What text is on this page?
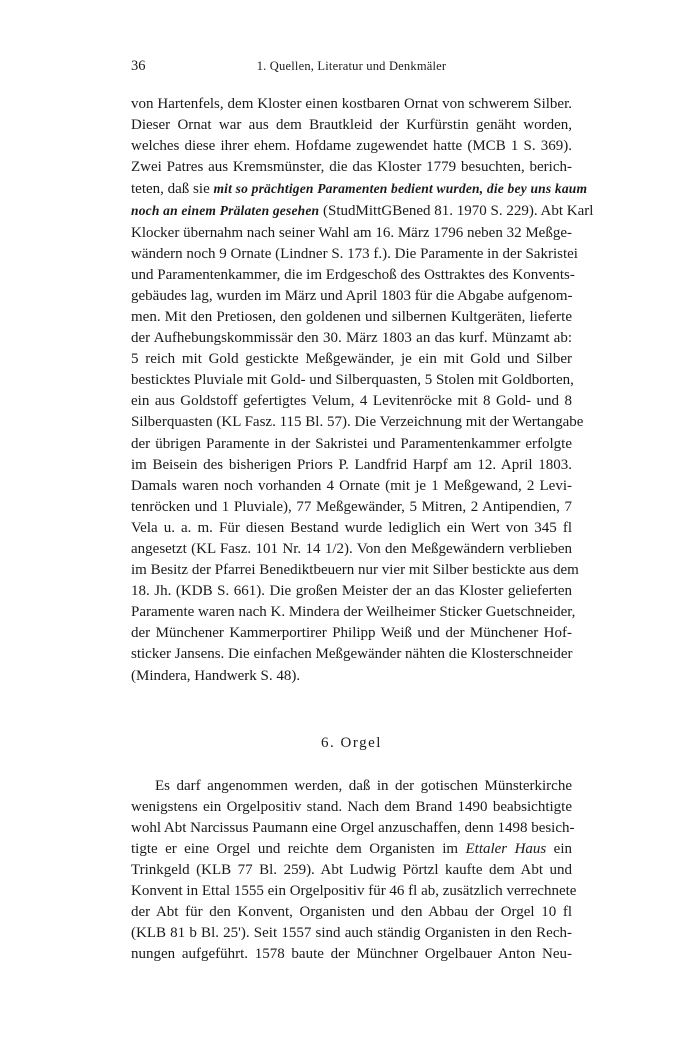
36	1. Quellen, Literatur und Denkmäler
von Hartenfels, dem Kloster einen kostbaren Ornat von schwerem Silber.
Dieser Ornat war aus dem Brautkleid der Kurfürstin genäht worden,
welches diese ihrer ehem. Hofdame zugewendet hatte (MCB 1 S. 369).
Zwei Patres aus Kremsmünster, die das Kloster 1779 besuchten, berich-
teten, daß sie mit so prächtigen Paramenten bedient wurden, die bey uns kaum
noch an einem Prälaten gesehen (StudMittGBened 81. 1970 S. 229). Abt Karl
Klocker übernahm nach seiner Wahl am 16. März 1796 neben 32 Meßge-
wändern noch 9 Ornate (Lindner S. 173 f.). Die Paramente in der Sakristei
und Paramentenkammer, die im Erdgeschoß des Osttraktes des Konvents-
gebäudes lag, wurden im März und April 1803 für die Abgabe aufgenom-
men. Mit den Pretiosen, den goldenen und silbernen Kultgeräten, lieferte
der Aufhebungskommissär den 30. März 1803 an das kurf. Münzamt ab:
5 reich mit Gold gestickte Meßgewänder, je ein mit Gold und Silber
besticktes Pluviale mit Gold- und Silberquasten, 5 Stolen mit Goldborten,
ein aus Goldstoff gefertigtes Velum, 4 Levitenröcke mit 8 Gold- und 8
Silberquasten (KL Fasz. 115 Bl. 57). Die Verzeichnung mit der Wertangabe
der übrigen Paramente in der Sakristei und Paramentenkammer erfolgte
im Beisein des bisherigen Priors P. Landfrid Harpf am 12. April 1803.
Damals waren noch vorhanden 4 Ornate (mit je 1 Meßgewand, 2 Levi-
tenröcken und 1 Pluviale), 77 Meßgewänder, 5 Mitren, 2 Antipendien, 7
Vela u. a. m. Für diesen Bestand wurde lediglich ein Wert von 345 fl
angesetzt (KL Fasz. 101 Nr. 14 1/2). Von den Meßgewändern verblieben
im Besitz der Pfarrei Benediktbeuern nur vier mit Silber bestickte aus dem
18. Jh. (KDB S. 661). Die großen Meister der an das Kloster gelieferten
Paramente waren nach K. Mindera der Weilheimer Sticker Guetschneider,
der Münchener Kammerportirer Philipp Weiß und der Münchener Hof-
sticker Jansens. Die einfachen Meßgewänder nähten die Klosterschneider
(Mindera, Handwerk S. 48).
6. Orgel
Es darf angenommen werden, daß in der gotischen Münsterkirche
wenigstens ein Orgelpositiv stand. Nach dem Brand 1490 beabsichtigte
wohl Abt Narcissus Paumann eine Orgel anzuschaffen, denn 1498 besich-
tigte er eine Orgel und reichte dem Organisten im Ettaler Haus ein
Trinkgeld (KLB 77 Bl. 259). Abt Ludwig Pörtzl kaufte dem Abt und
Konvent in Ettal 1555 ein Orgelpositiv für 46 fl ab, zusätzlich verrechnete
der Abt für den Konvent, Organisten und den Abbau der Orgel 10 fl
(KLB 81 b Bl. 25'). Seit 1557 sind auch ständig Organisten in den Rech-
nungen aufgeführt. 1578 baute der Münchner Orgelbauer Anton Neu-
